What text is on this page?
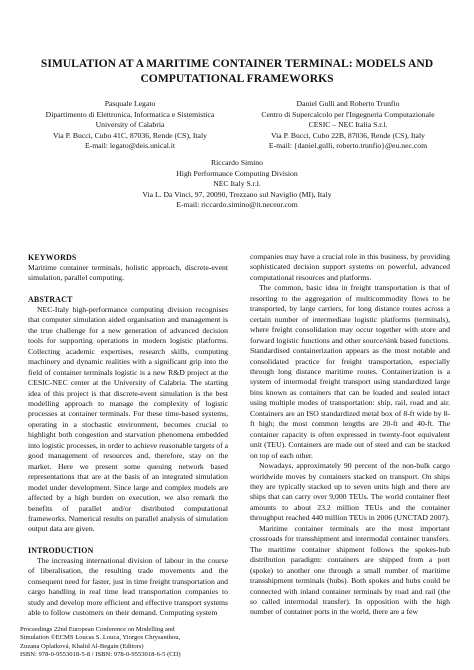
SIMULATION AT A MARITIME CONTAINER TERMINAL: MODELS AND
COMPUTATIONAL FRAMEWORKS
Pasquale Legato
Dipartimento di Elettronica, Informatica e Sistemistica
University of Calabria
Via P. Bucci, Cubo 41C, 87036, Rende (CS), Italy
E-mail: legato@deis.unical.it
Daniel Gullì and Roberto Trunfio
Centro di Supercalcolo per l'Ingegneria Computazionale
CESIC – NEC Italia S.r.l.
Via P. Bucci, Cubo 22B, 87036, Rende (CS), Italy
E-mail: {daniel.gulli, roberto.trunfio}@eu.nec.com
Riccardo Simino
High Performance Computing Division
NEC Italy S.r.l.
Via L. Da Vinci, 97, 20090, Trezzano sul Naviglio (MI), Italy
E-mail: riccardo.simino@it.neceur.com
KEYWORDS

Maritime container terminals, holistic approach, discrete-event simulation, parallel computing.

ABSTRACT

NEC-Italy high-performance computing division recognises that computer simulation aided organisation and management is the true challenge for a new generation of advanced decision tools for supporting operations in modern logistic platforms. Collecting academic expertises, research skills, computing machinery and dynamic realities with a significant grip into the field of container terminals logistic is a new R&D project at the CESIC-NEC center at the University of Calabria. The starting idea of this project is that discrete-event simulation is the best modelling approach to manage the complexity of logistic processes at container terminals. For these time-based systems, operating in a stochastic environment, becomes crucial to highlight both congestion and starvation phenomena embedded into logistic processes, in order to achieve reasonable targets of a good management of resources and, therefore, stay on the market. Here we present some queuing network based representations that are at the basis of an integrated simulation model under development. Since large and complex models are affected by a high burden on execution, we also remark the benefits of parallel and/or distributed computational frameworks. Numerical results on parallel analysis of simulation output data are given.

INTRODUCTION

The increasing international division of labour in the course of liberalisation, the resulting trade movements and the consequent need for faster, just in time freight transportation and cargo handling in real time lead transportation companies to study and develop more efficient and effective transport systems able to follow customers on their demand. Computing system

companies may have a crucial role in this business, by providing sophisticated decision support systems on powerful, advanced computational resources and platforms.

The common, basic idea in freight transportation is that of resorting to the aggregation of multicommodity flows to be transported, by large carriers, for long distance routes across a certain number of intermediate logistic platforms (terminals), where freight consolidation may occur together with store and forward logistic functions and other source/sink based functions. Standardised containerization appears as the most notable and consolidated practice for freight transportation, especially through long distance maritime routes. Containerization is a system of intermodal freight transport using standardized large bins known as containers that can be loaded and sealed intact using multiple modes of transportation: ship, rail, road and air. Containers are an ISO standardized metal box of 8-ft wide by 8-ft high; the most common lengths are 20-ft and 40-ft. The container capacity is often expressed in twenty-foot equivalent unit (TEU). Containers are made out of steel and can be stacked on top of each other.

Nowadays, approximately 90 percent of the non-bulk cargo worldwide moves by containers stacked on transport. On ships they are typically stacked up to seven units high and there are ships that can carry over 9,000 TEUs. The world container fleet amounts to about 23.2 million TEUs and the container throughput reached 440 million TEUs in 2006 (UNCTAD 2007).

Maritime container terminals are the most important crossroads for transshipment and intermodal container transfers. The maritime container shipment follows the spokes-hub distribution paradigm: containers are shipped from a port (spoke) to another one through a small number of maritime transshipment terminals (hubs). Both spokes and hubs could be connected with inland container terminals by road and rail (the so called intermodal transfer). In opposition with the high number of container ports in the world, there are a few

Proceedings 22nd European Conference on Modelling and
Simulation ©ECMS Loucas S. Louca, Yiorgos Chrysanthou,
Zuzana Oplatková, Khalid Al-Begain (Editors)
ISBN: 978-0-9553018-5-8 / ISBN: 978-0-9553018-6-5 (CD)
